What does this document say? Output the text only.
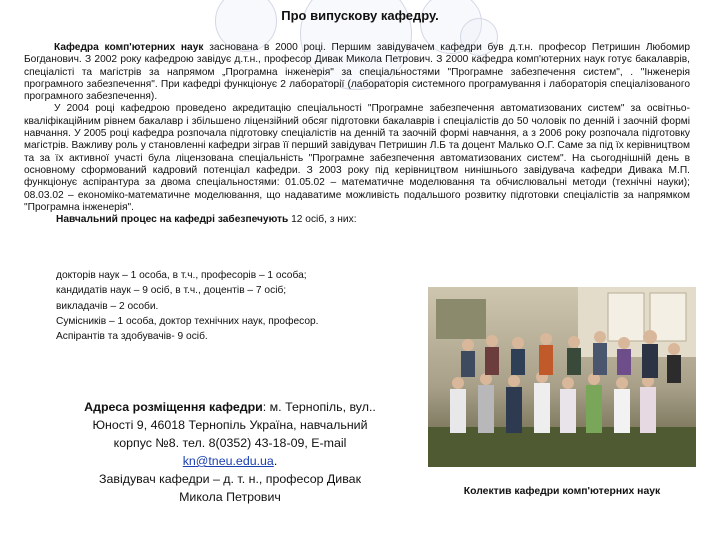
Про випускову кафедру.

Кафедра комп'ютерних наук заснована в 2000 році. Першим завідувачем кафедри був д.т.н. професор Петришин Любомир Богданович. З 2002 року кафедрою завідує д.т.н., професор Дивак Микола Петрович. З 2000 кафедра комп'ютерних наук готує бакалаврів, спеціалісті та магістрів за напрямом „Програмна інженерія" за спеціальностями "Програмне забезпечення систем", . "Інженерія програмного забезпечення". При кафедрі функціонує 2 лабораторії (лабораторія системного програмування і лабораторія спеціалізованого програмного забезпечення).

У 2004 році кафедрою проведено акредитацію спеціальності "Програмне забезпечення автоматизованих систем" за освітньо-кваліфікаційним рівнем бакалавр і збільшено ліцензійний обсяг підготовки бакалаврів і спеціалістів до 50 чоловік по денній і заочній формі навчання. У 2005 році кафедра розпочала підготовку спеціалістів на денній та заочній формі навчання, а з 2006 року розпочала підготовку магістрів. Важливу роль у становленні кафедри зіграв її перший завідувач Петришин Л.Б та доцент Малько О.Г. Саме за під їх керівництвом та за їх активної участі була ліцензована спеціальність "Програмне забезпечення автоматизованих систем". На сьогоднішній день в основному сформований кадровий потенціал кафедри. З 2003 року під керівництвом нинішнього завідувача кафедри Дивака М.П. функціонує аспірантура за двома спеціальностями: 01.05.02 – математичне моделювання та обчислювальні методи (технічні науки); 08.03.02 – економіко-математичне моделювання, що надаватиме можливість подальшого розвитку підготовки спеціалістів за напрямком "Програмна інженерія".

Навчальний процес на кафедрі забезпечують 12 осіб, з них:

докторів наук – 1 особа, в т.ч., професорів – 1 особа;
кандидатів наук – 9 осіб, в т.ч., доцентів – 7 осіб;
викладачів – 2 особи.
Сумісників – 1 особа, доктор технічних наук, професор.
Аспірантів та здобувачів- 9 осіб.
Адреса розміщення кафедри: м. Тернопіль, вул..
Юності 9, 46018 Тернопіль Україна, навчальний
корпус №8. тел. 8(0352) 43-18-09, E-mail
kn@tneu.edu.ua.
Завідувач кафедри – д. т. н., професор Дивак
Микола Петрович	Колектив кафедри комп'ютерних наук
